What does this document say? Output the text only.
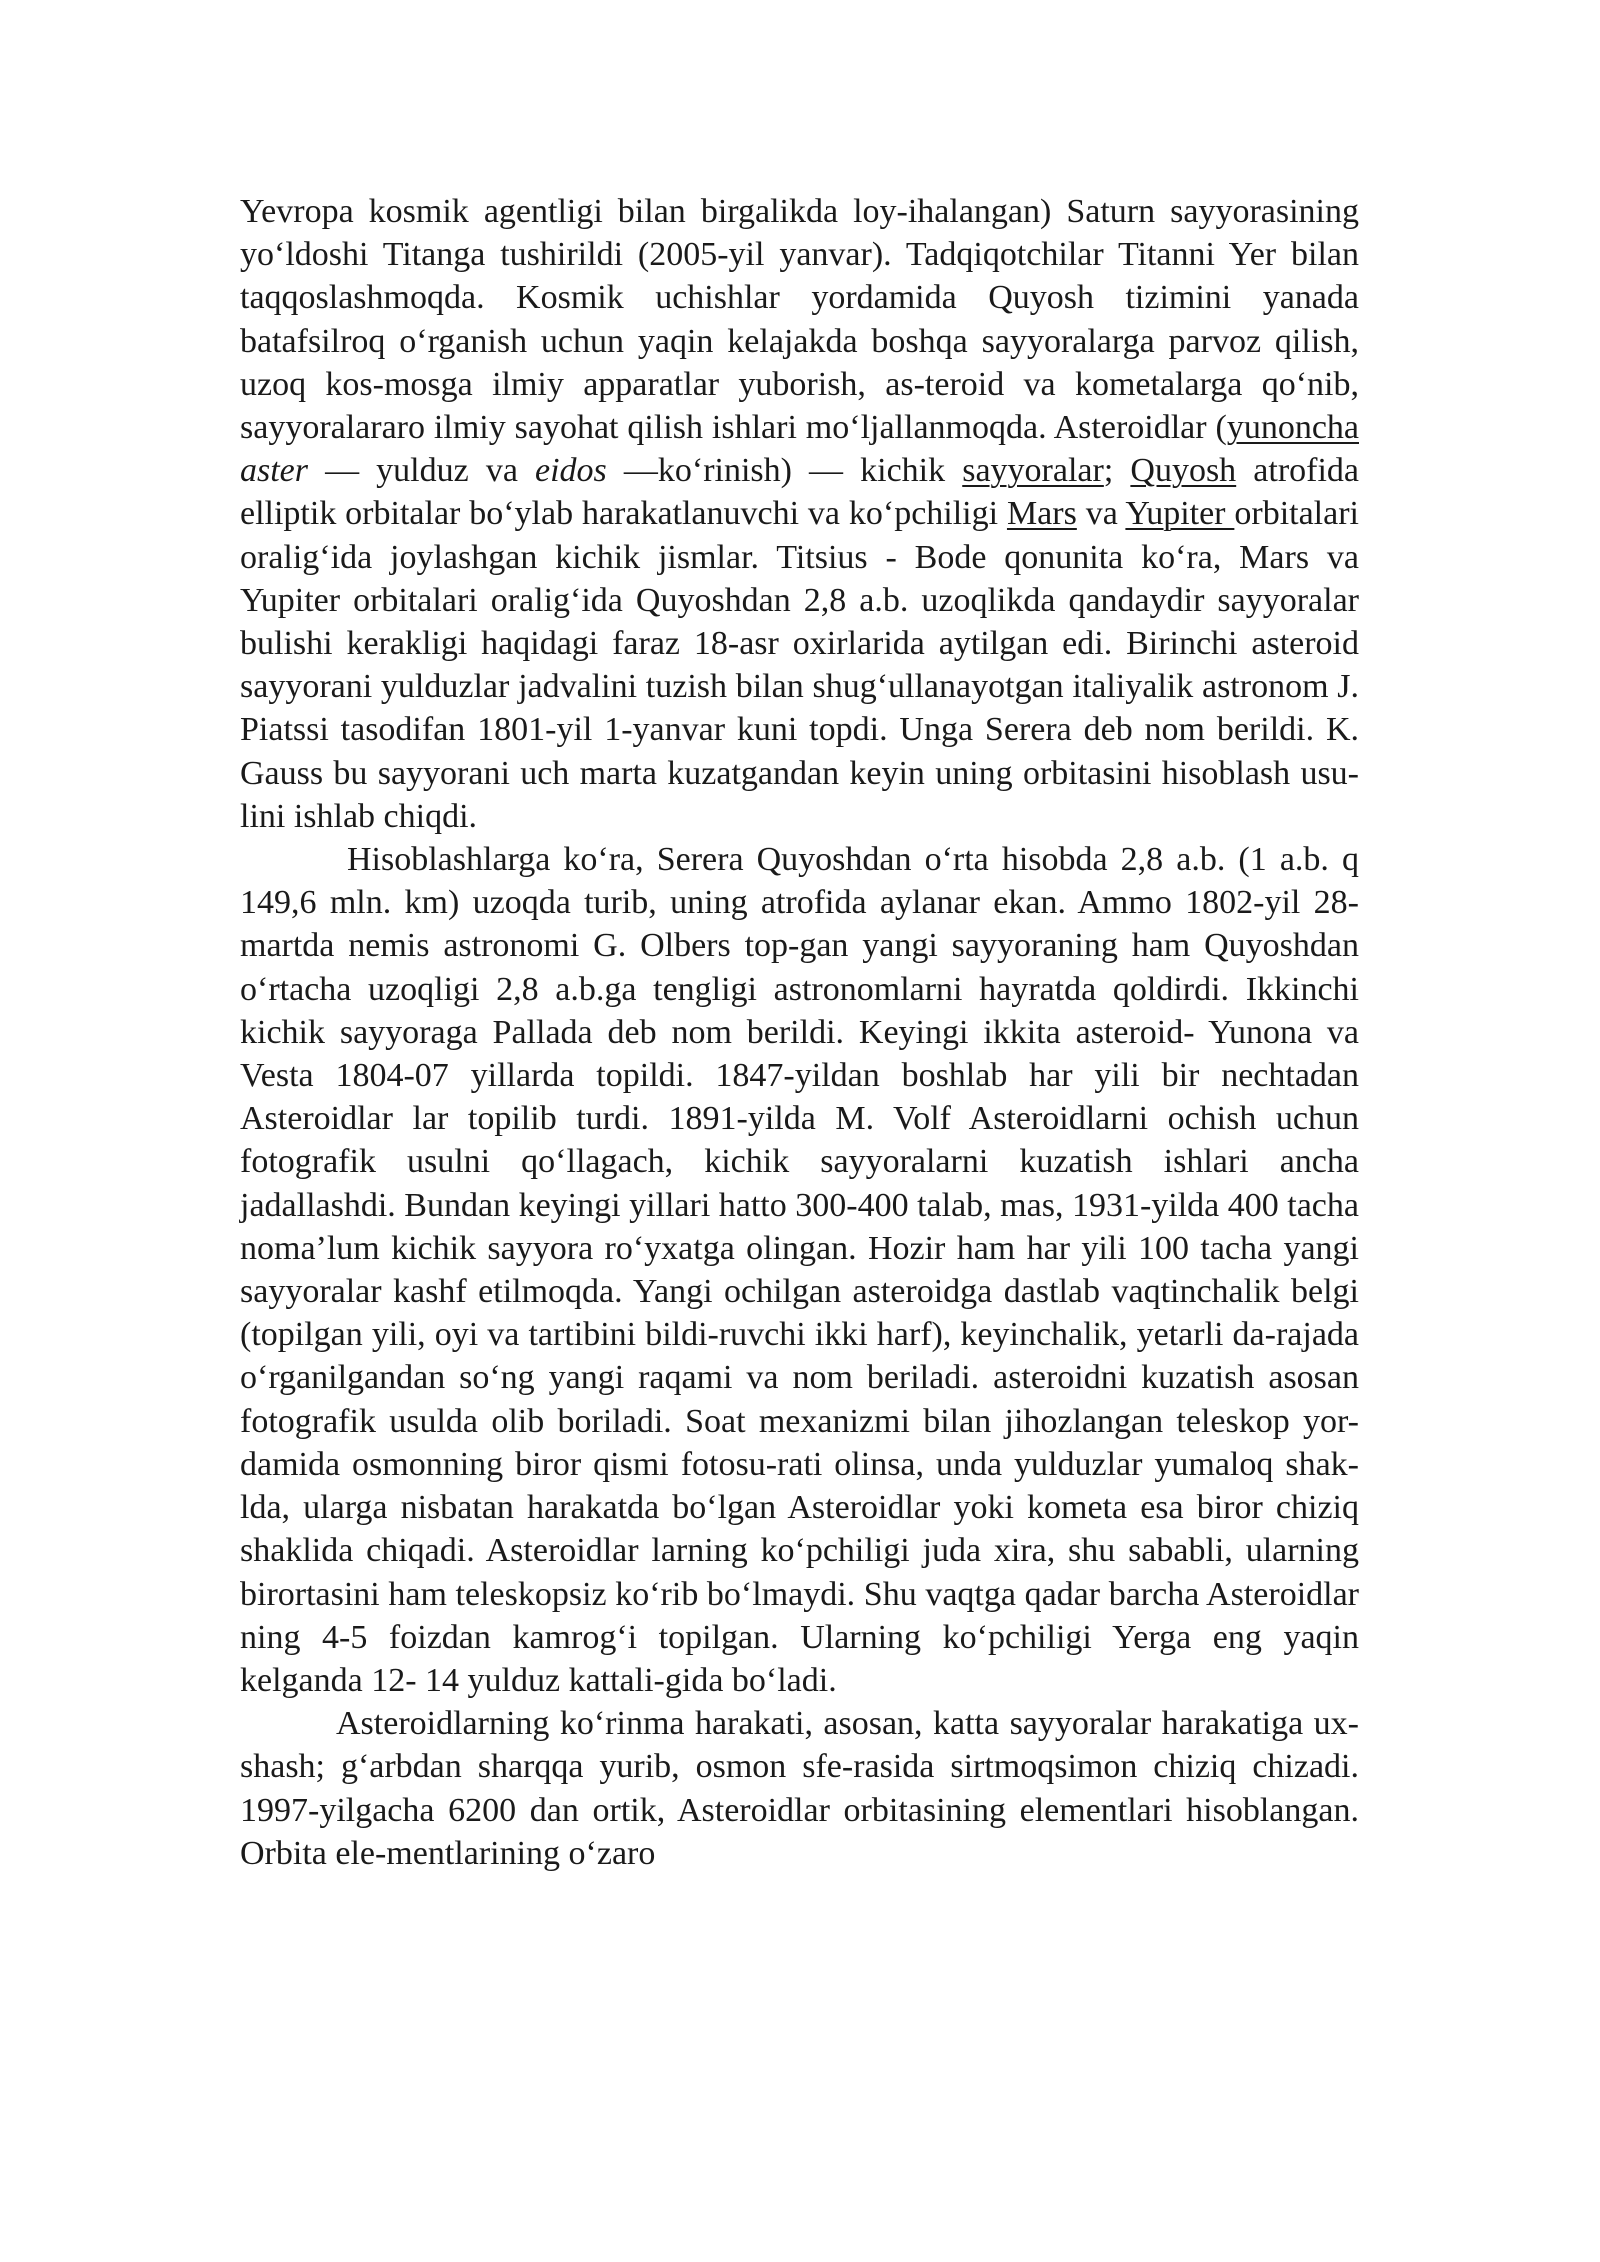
Yevropa kosmik agentligi bilan birgalikda loy-ihalangan) Saturn sayyorasining yo‘ldoshi Titanga tushirildi (2005-yil yanvar). Tadqiqotchilar Titanni Yer bilan taqqoslashmoqda. Kosmik uchishlar yordamida Quyosh tizimini yanada batafsilroq o‘rganish uchun yaqin kelajakda boshqa sayyoralarga parvoz qilish, uzoq kos-mosga ilmiy apparatlar yuborish, as-teroid va kometalarga qo‘nib, sayyoralararo ilmiy sayohat qilish ishlari mo‘ljallanmoqda. Asteroidlar (yunoncha aster — yulduz va eidos —ko‘rinish) — kichik sayyoralar; Quyosh atrofida elliptik orbitalar bo‘ylab harakatlanuvchi va ko‘pchiligi Mars va Yupiter orbitalari oralig‘ida joylashgan kichik jismlar. Titsius - Bode qonunita ko‘ra, Mars va Yupiter orbitalari oralig‘ida Quyoshdan 2,8 a.b. uzoqlikda qandaydir sayyoralar bulishi kerakligi haqidagi faraz 18-asr oxirlarida aytilgan edi. Birinchi asteroid sayyorani yulduzlar jadvalini tuzish bilan shug‘ullanayotgan italiyalik astronom J. Piatssi tasodifan 1801-yil 1-yanvar kuni topdi. Unga Serera deb nom berildi. K. Gauss bu sayyorani uch marta kuzatgandan keyin uning orbitasini hisoblash usu-lini ishlab chiqdi.

Hisoblashlarga ko‘ra, Serera Quyoshdan o‘rta hisobda 2,8 a.b. (1 a.b. q 149,6 mln. km) uzoqda turib, uning atrofida aylanar ekan. Ammo 1802-yil 28-martda nemis astronomi G. Olbers top-gan yangi sayyoraning ham Quyoshdan o‘rtacha uzoqligi 2,8 a.b.ga tengligi astronomlarni hayratda qoldirdi. Ikkinchi kichik sayyoraga Pallada deb nom berildi. Keyingi ikkita asteroid- Yunona va Vesta 1804-07 yillarda topildi. 1847-yildan boshlab har yili bir nechtadan Asteroidlar lar topilib turdi. 1891-yilda M. Volf Asteroidlarni ochish uchun fotografik usulni qo‘llagach, kichik sayyoralarni kuzatish ishlari ancha jadallashdi. Bundan keyingi yillari hatto 300-400 talab, mas, 1931-yilda 400 tacha noma’lum kichik sayyora ro‘yxatga olingan. Hozir ham har yili 100 tacha yangi sayyoralar kashf etilmoqda. Yangi ochilgan asteroidga dastlab vaqtinchalik belgi (topilgan yili, oyi va tartibini bildi-ruvchi ikki harf), keyinchalik, yetarli da-rajada o‘rganilgandan so‘ng yangi raqami va nom beriladi. asteroidni kuzatish asosan fotografik usulda olib boriladi. Soat mexanizmi bilan jihozlangan teleskop yor-damida osmonning biror qismi fotosu-rati olinsa, unda yulduzlar yumaloq shak-lda, ularga nisbatan harakatda bo‘lgan Asteroidlar yoki kometa esa biror chiziq shaklida chiqadi. Asteroidlar larning ko‘pchiligi juda xira, shu sababli, ularning birortasini ham teleskopsiz ko‘rib bo‘lmaydi. Shu vaqtga qadar barcha Asteroidlar ning 4-5 foizdan kamrog‘i topilgan. Ularning ko‘pchiligi Yerga eng yaqin kelganda 12- 14 yulduz kattali-gida bo‘ladi.

Asteroidlarning ko‘rinma harakati, asosan, katta sayyoralar harakatiga ux-shash; g‘arbdan sharqqa yurib, osmon sfe-rasida sirtmoqsimon chiziq chizadi. 1997-yilgacha 6200 dan ortik, Asteroidlar orbitasining elementlari hisoblangan. Orbita ele-mentlarining o‘zaro
